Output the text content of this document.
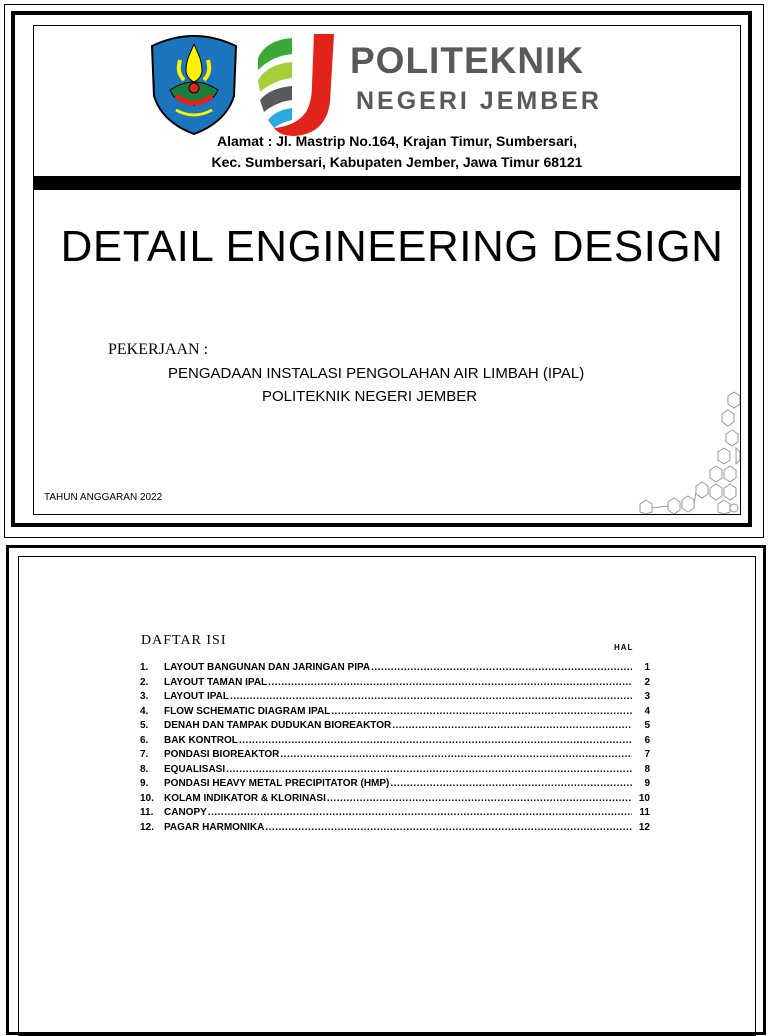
POLITEKNIK
NEGERI JEMBER
Alamat : Jl. Mastrip No.164, Krajan Timur, Sumbersari,
Kec. Sumbersari, Kabupaten Jember, Jawa Timur 68121
DETAIL ENGINEERING DESIGN
PEKERJAAN :
PENGADAAN INSTALASI PENGOLAHAN AIR LIMBAH (IPAL)
POLITEKNIK NEGERI JEMBER
TAHUN ANGGARAN 2022
DAFTAR ISI	HAL
1.	LAYOUT BANGUNAN DAN JARINGAN PIPA .....	1
2.	LAYOUT TAMAN IPAL .....	2
3.	LAYOUT IPAL .....	3
4.	FLOW SCHEMATIC DIAGRAM IPAL .....	4
5.	DENAH DAN TAMPAK DUDUKAN BIOREAKTOR .....	5
6.	BAK KONTROL .....	6
7.	PONDASI BIOREAKTOR .....	7
8.	EQUALISASI .....	8
9.	PONDASI HEAVY METAL PRECIPITATOR (HMP) .....	9
10.	KOLAM INDIKATOR & KLORINASI .....	10
11.	CANOPY .....	11
12.	PAGAR HARMONIKA .....	12
